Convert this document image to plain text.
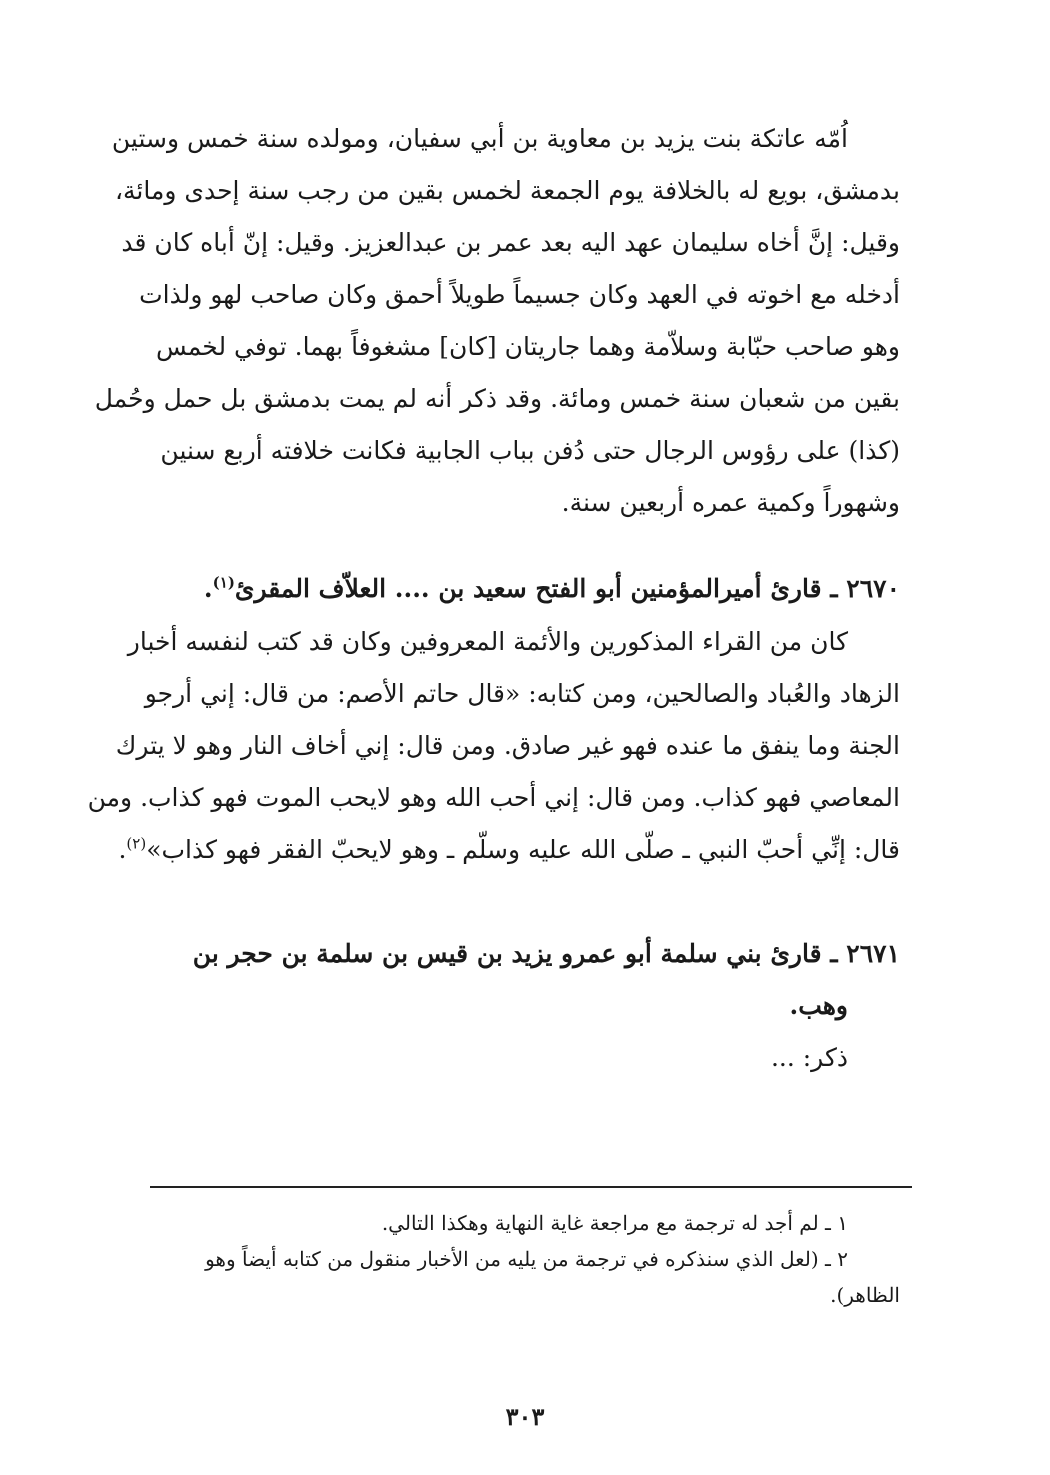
اُمّه عاتكة بنت يزيد بن معاوية بن أبي سفيان، ومولده سنة خمس وستين
بدمشق، بويع له بالخلافة يوم الجمعة لخمس بقين من رجب سنة إحدى ومائة،
وقيل: إنَّ أخاه سليمان عهد اليه بعد عمر بن عبدالعزيز. وقيل: إنّ أباه كان قد
أدخله مع اخوته في العهد وكان جسيماً طويلاً أحمق وكان صاحب لهو ولذات
وهو صاحب حبّابة وسلاّمة وهما جاريتان [كان] مشغوفاً بهما. توفي لخمس
بقين من شعبان سنة خمس ومائة. وقد ذكر أنه لم يمت بدمشق بل حمل وحُمل
(كذا) على رؤوس الرجال حتى دُفن بباب الجابية فكانت خلافته أربع سنين
وشهوراً وكمية عمره أربعين سنة.
٢٦٧٠ ـ قارئ أميرالمؤمنين أبو الفتح سعيد بن .... العلاّف المقرئ$^{(١)}$.
كان من القراء المذكورين والأئمة المعروفين وكان قد كتب لنفسه أخبار
الزهاد والعُباد والصالحين، ومن كتابه: «قال حاتم الأصم: من قال: إني أرجو
الجنة وما ينفق ما عنده فهو غير صادق. ومن قال: إني أخاف النار وهو لا يترك
المعاصي فهو كذاب. ومن قال: إني أحب الله وهو لايحب الموت فهو كذاب. ومن
قال: إنِّي أحبّ النبي ـ صلّى الله عليه وسلّم ـ وهو لايحبّ الفقر فهو كذاب»$^{(٢)}$.
٢٦٧١ ـ قارئ بني سلمة أبو عمرو يزيد بن قيس بن سلمة بن حجر بن
وهب.
ذكر: ...
١ ـ لم أجد له ترجمة مع مراجعة غاية النهاية وهكذا التالي.
٢ ـ (لعل الذي سنذكره في ترجمة من يليه من الأخبار منقول من كتابه أيضاً وهو
الظاهر).
٣٠٣
